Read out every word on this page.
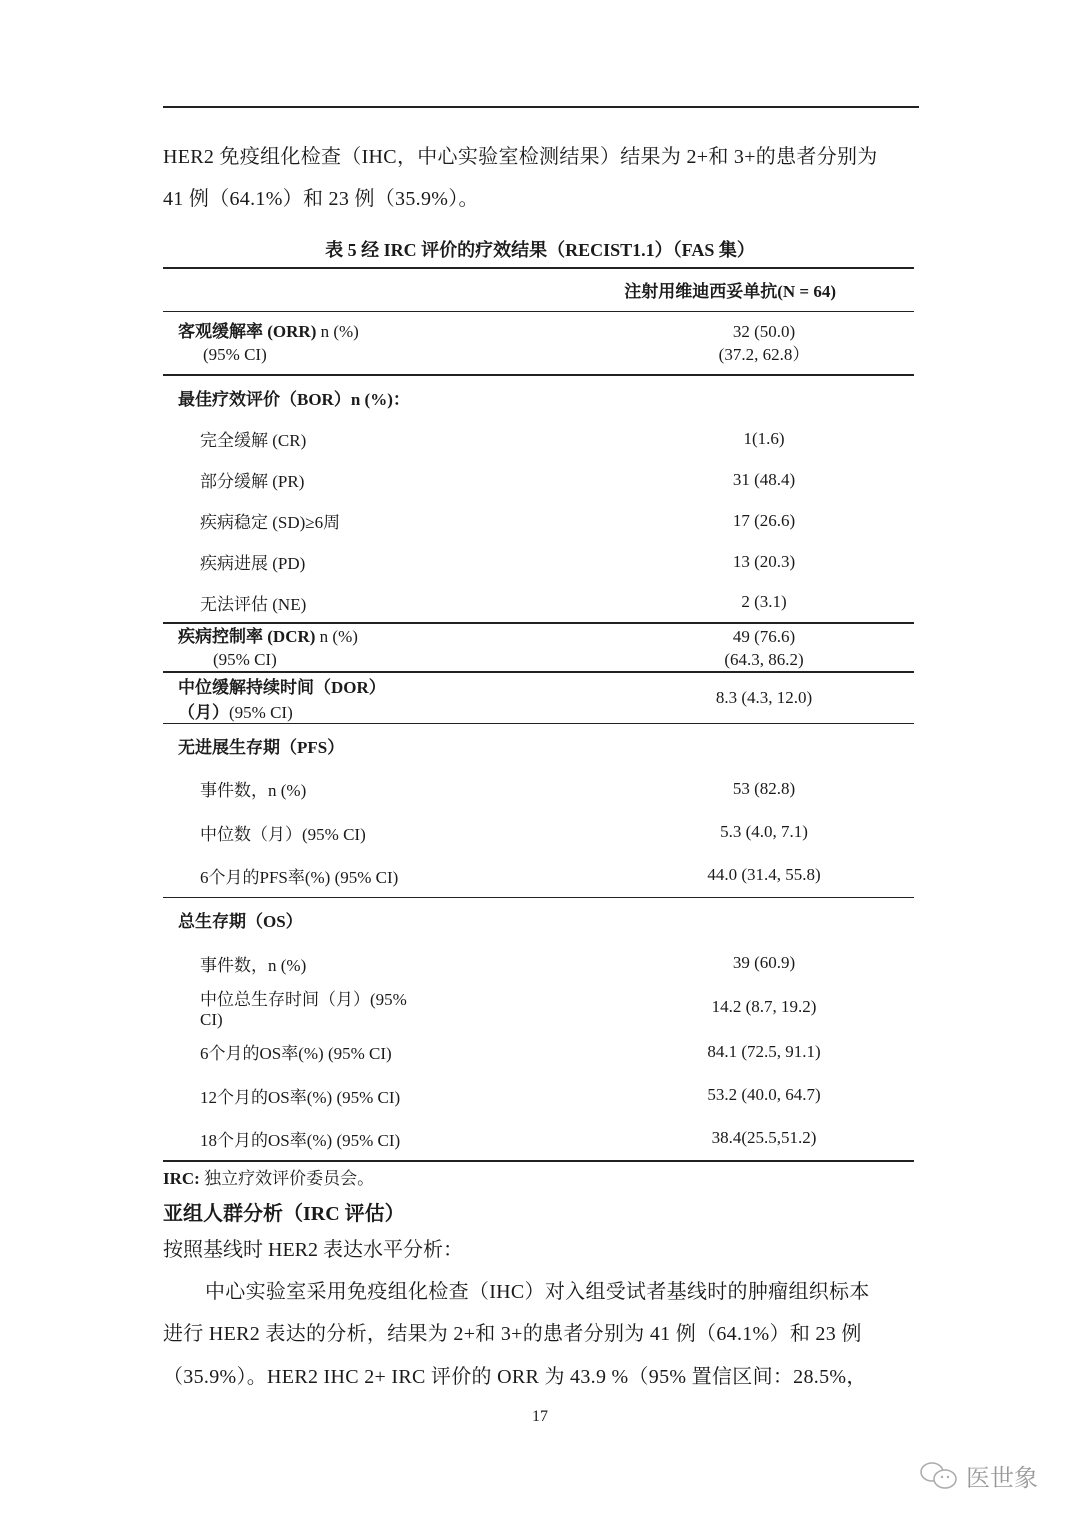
HER2 免疫组化检查（IHC，中心实验室检测结果）结果为 2+和 3+的患者分别为
41 例（64.1%）和 23 例（35.9%）。
表 5 经 IRC 评价的疗效结果（RECIST1.1）（FAS 集）
	注射用维迪西妥单抗(N = 64)
客观缓解率 (ORR) n (%)
(95% CI)	32 (50.0)
(37.2, 62.8）
最佳疗效评价（BOR）n (%)：	
完全缓解 (CR)	1(1.6)
部分缓解 (PR)	31 (48.4)
疾病稳定 (SD)≥6周	17 (26.6)
疾病进展 (PD)	13 (20.3)
无法评估 (NE)	2 (3.1)
疾病控制率 (DCR) n (%)
(95% CI)	49 (76.6)
(64.3, 86.2)
中位缓解持续时间（DOR）（月）(95% CI)	8.3 (4.3, 12.0)
无进展生存期（PFS）	
事件数，n (%)	53 (82.8)
中位数（月）(95% CI)	5.3 (4.0, 7.1)
6个月的PFS率(%) (95% CI)	44.0 (31.4, 55.8)
总生存期（OS）	
事件数，n (%)	39 (60.9)
中位总生存时间（月）(95% CI)	14.2 (8.7, 19.2)
6个月的OS率(%) (95% CI)	84.1 (72.5, 91.1)
12个月的OS率(%) (95% CI)	53.2 (40.0, 64.7)
18个月的OS率(%) (95% CI)	38.4(25.5,51.2)
IRC: 独立疗效评价委员会。
亚组人群分析（IRC 评估）
按照基线时 HER2 表达水平分析：
中心实验室采用免疫组化检查（IHC）对入组受试者基线时的肿瘤组织标本
进行 HER2 表达的分析，结果为 2+和 3+的患者分别为 41 例（64.1%）和 23 例
（35.9%）。HER2 IHC 2+ IRC 评价的 ORR 为 43.9 %（95% 置信区间：28.5%，
17
医世象
